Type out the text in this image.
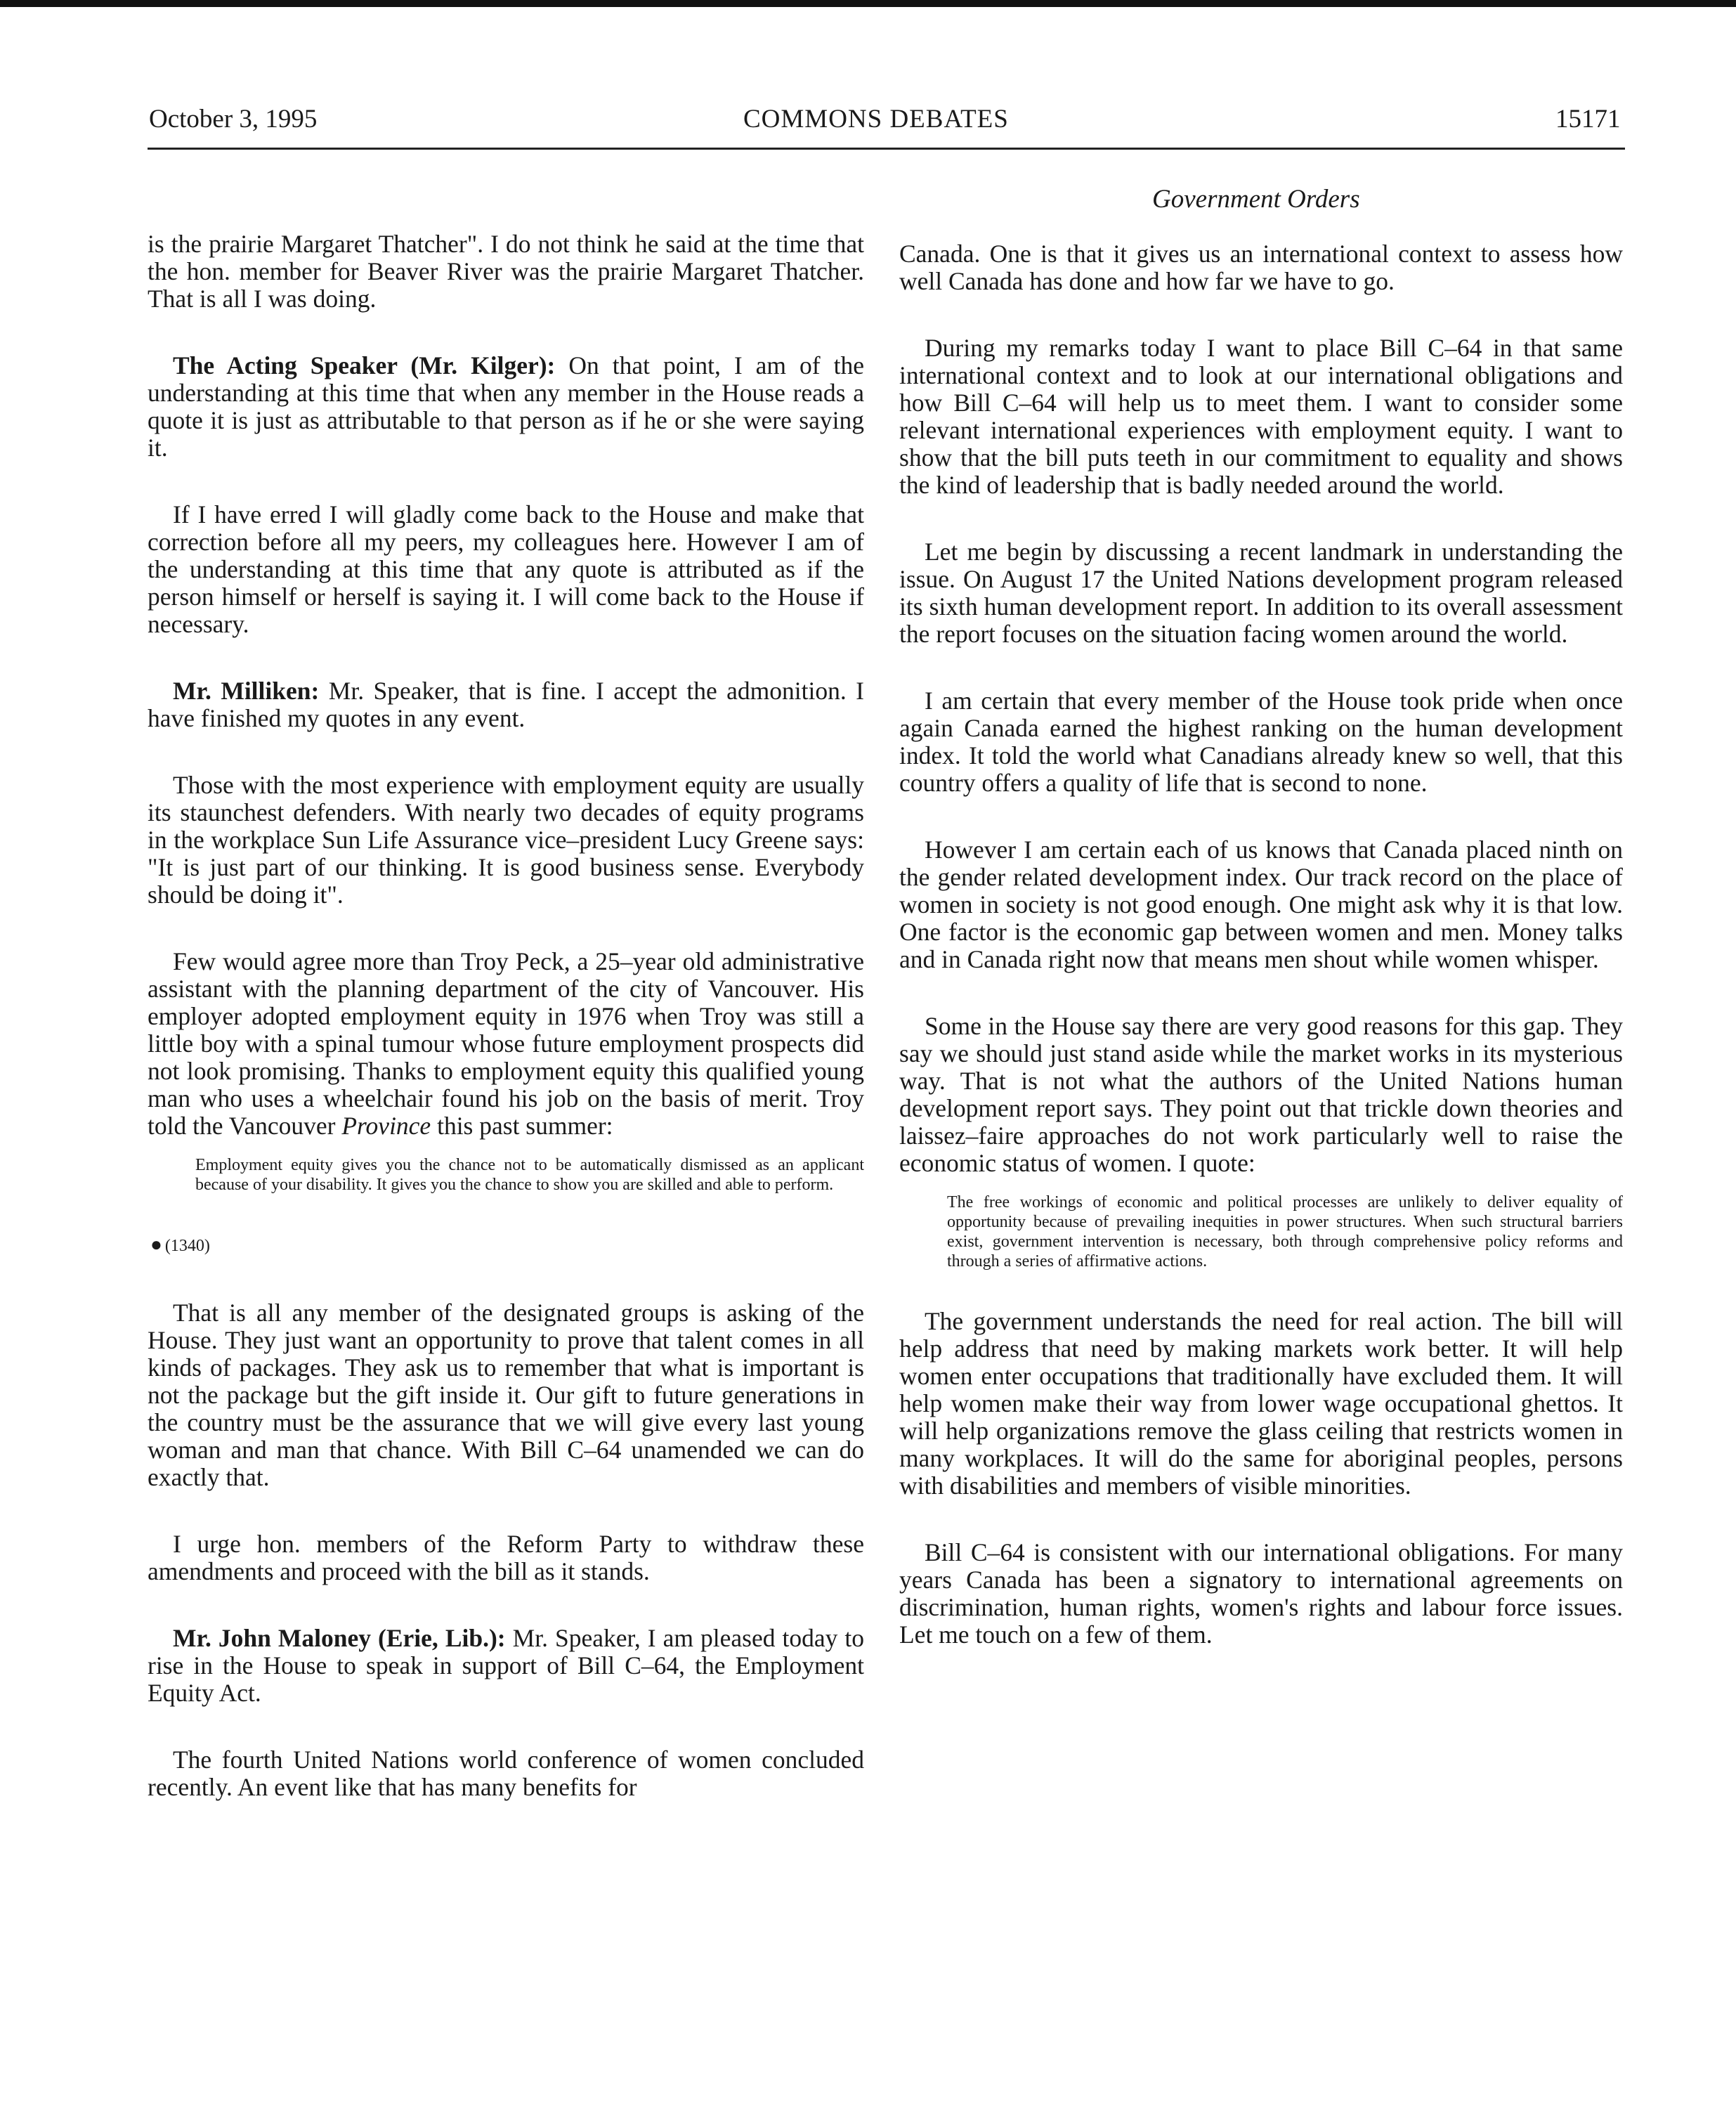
October 3, 1995	COMMONS DEBATES	15171
Government Orders

is the prairie Margaret Thatcher". I do not think he said at the time that the hon. member for Beaver River was the prairie Margaret Thatcher. That is all I was doing.

The Acting Speaker (Mr. Kilger): On that point, I am of the understanding at this time that when any member in the House reads a quote it is just as attributable to that person as if he or she were saying it.

If I have erred I will gladly come back to the House and make that correction before all my peers, my colleagues here. However I am of the understanding at this time that any quote is attributed as if the person himself or herself is saying it. I will come back to the House if necessary.

Mr. Milliken: Mr. Speaker, that is fine. I accept the admonition. I have finished my quotes in any event.

Those with the most experience with employment equity are usually its staunchest defenders. With nearly two decades of equity programs in the workplace Sun Life Assurance vice–president Lucy Greene says: "It is just part of our thinking. It is good business sense. Everybody should be doing it".

Few would agree more than Troy Peck, a 25–year old administrative assistant with the planning department of the city of Vancouver. His employer adopted employment equity in 1976 when Troy was still a little boy with a spinal tumour whose future employment prospects did not look promising. Thanks to employment equity this qualified young man who uses a wheelchair found his job on the basis of merit. Troy told the Vancouver Province this past summer:

Employment equity gives you the chance not to be automatically dismissed as an applicant because of your disability. It gives you the chance to show you are skilled and able to perform.

● (1340)

That is all any member of the designated groups is asking of the House. They just want an opportunity to prove that talent comes in all kinds of packages. They ask us to remember that what is important is not the package but the gift inside it. Our gift to future generations in the country must be the assurance that we will give every last young woman and man that chance. With Bill C–64 unamended we can do exactly that.

I urge hon. members of the Reform Party to withdraw these amendments and proceed with the bill as it stands.

Mr. John Maloney (Erie, Lib.): Mr. Speaker, I am pleased today to rise in the House to speak in support of Bill C–64, the Employment Equity Act.

The fourth United Nations world conference of women concluded recently. An event like that has many benefits for

Canada. One is that it gives us an international context to assess how well Canada has done and how far we have to go.

During my remarks today I want to place Bill C–64 in that same international context and to look at our international obligations and how Bill C–64 will help us to meet them. I want to consider some relevant international experiences with employment equity. I want to show that the bill puts teeth in our commitment to equality and shows the kind of leadership that is badly needed around the world.

Let me begin by discussing a recent landmark in understanding the issue. On August 17 the United Nations development program released its sixth human development report. In addition to its overall assessment the report focuses on the situation facing women around the world.

I am certain that every member of the House took pride when once again Canada earned the highest ranking on the human development index. It told the world what Canadians already knew so well, that this country offers a quality of life that is second to none.

However I am certain each of us knows that Canada placed ninth on the gender related development index. Our track record on the place of women in society is not good enough. One might ask why it is that low. One factor is the economic gap between women and men. Money talks and in Canada right now that means men shout while women whisper.

Some in the House say there are very good reasons for this gap. They say we should just stand aside while the market works in its mysterious way. That is not what the authors of the United Nations human development report says. They point out that trickle down theories and laissez–faire approaches do not work particularly well to raise the economic status of women. I quote:

The free workings of economic and political processes are unlikely to deliver equality of opportunity because of prevailing inequities in power structures. When such structural barriers exist, government intervention is necessary, both through comprehensive policy reforms and through a series of affirmative actions.

The government understands the need for real action. The bill will help address that need by making markets work better. It will help women enter occupations that traditionally have excluded them. It will help women make their way from lower wage occupational ghettos. It will help organizations remove the glass ceiling that restricts women in many workplaces. It will do the same for aboriginal peoples, persons with disabilities and members of visible minorities.

Bill C–64 is consistent with our international obligations. For many years Canada has been a signatory to international agreements on discrimination, human rights, women's rights and labour force issues. Let me touch on a few of them.
